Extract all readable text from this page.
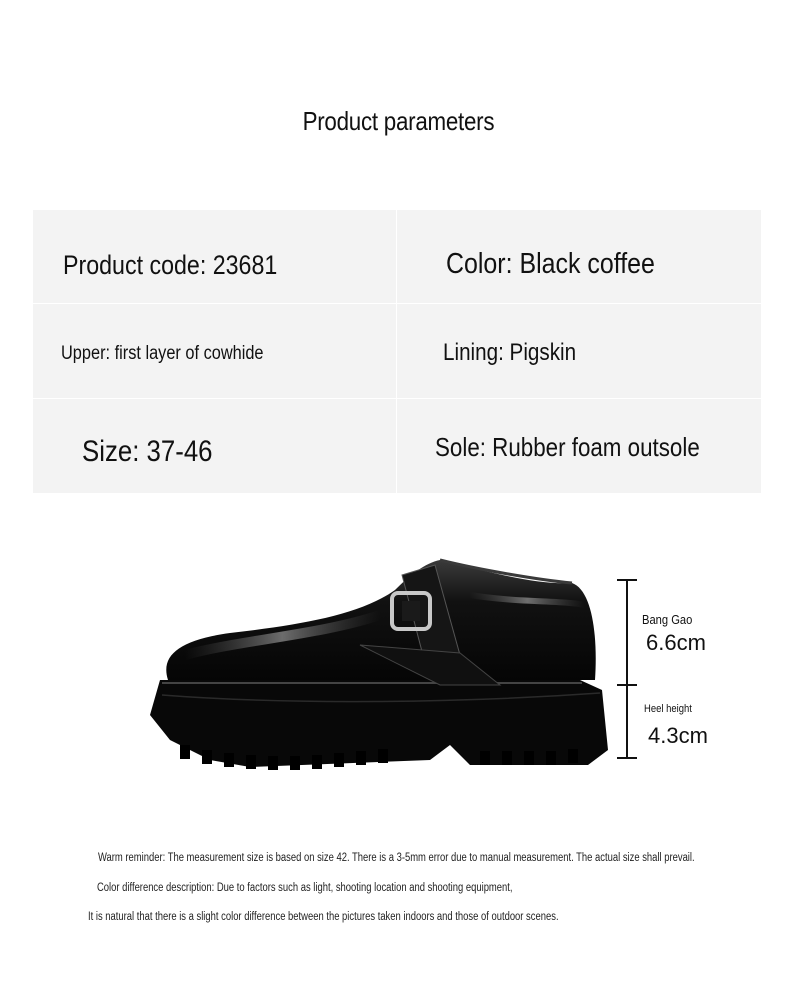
Product parameters
Product code: 23681	Color: Black coffee
Upper: first layer of cowhide	Lining: Pigskin
Size: 37-46	Sole: Rubber foam outsole
Bang Gao
6.6cm
Heel height
4.3cm
Warm reminder: The measurement size is based on size 42. There is a 3-5mm error due to manual measurement. The actual size shall prevail.
Color difference description: Due to factors such as light, shooting location and shooting equipment,
It is natural that there is a slight color difference between the pictures taken indoors and those of outdoor scenes.
